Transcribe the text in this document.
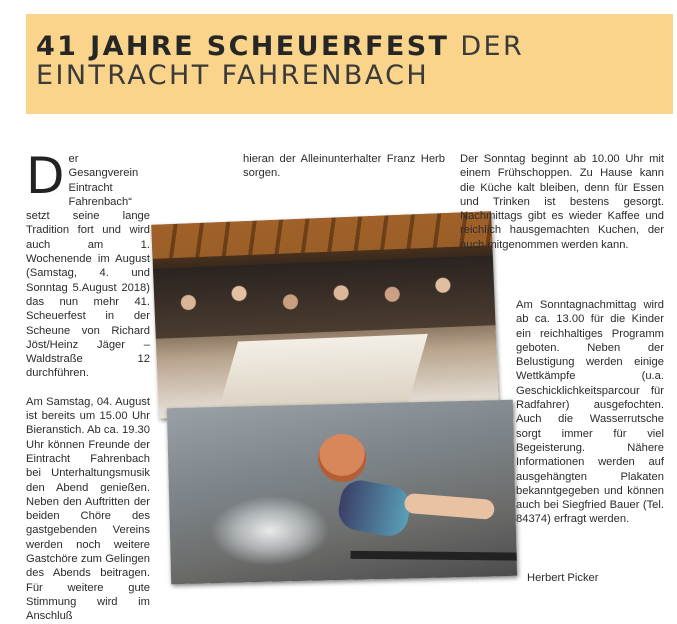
41 JAHRE SCHEUERFEST DER
EINTRACHT FAHRENBACH

Der Gesangverein Eintracht Fahrenbach“ setzt seine lange Tradition fort und wird auch am 1. Wochenende im August (Samstag, 4. und Sonntag 5.August 2018) das nun mehr 41. Scheuerfest in der Scheune von Richard Jöst/Heinz Jäger – Waldstraße 12 durchführen.

Am Samstag, 04. August ist bereits um 15.00 Uhr Bieranstich. Ab ca. 19.30 Uhr können Freunde der Eintracht Fahrenbach bei Unterhaltungsmusik den Abend genießen. Neben den Auftritten der beiden Chöre des gastgebenden Vereins werden noch weitere Gastchöre zum Gelingen des Abends beitragen. Für weitere gute Stimmung wird im Anschluß

hieran der Alleinunterhalter Franz Herb sorgen.

Der Sonntag beginnt ab 10.00 Uhr mit einem Frühschoppen. Zu Hause kann die Küche kalt bleiben, denn für Essen und Trinken ist bestens gesorgt. Nachmittags gibt es wieder Kaffee und reichlich hausgemachten Kuchen, der auch mitgenommen werden kann.

Am Sonntagnachmittag wird ab ca. 13.00 für die Kinder ein reichhaltiges Programm geboten. Neben der Belustigung werden einige Wettkämpfe (u.a. Geschicklichkeitsparcour für Radfahrer) ausgefochten. Auch die Wasserrutsche sorgt immer für viel Begeisterung. Nähere Informationen werden auf ausgehängten Plakaten bekanntgegeben und können auch bei Siegfried Bauer (Tel. 84374) erfragt werden.

Herbert Picker
